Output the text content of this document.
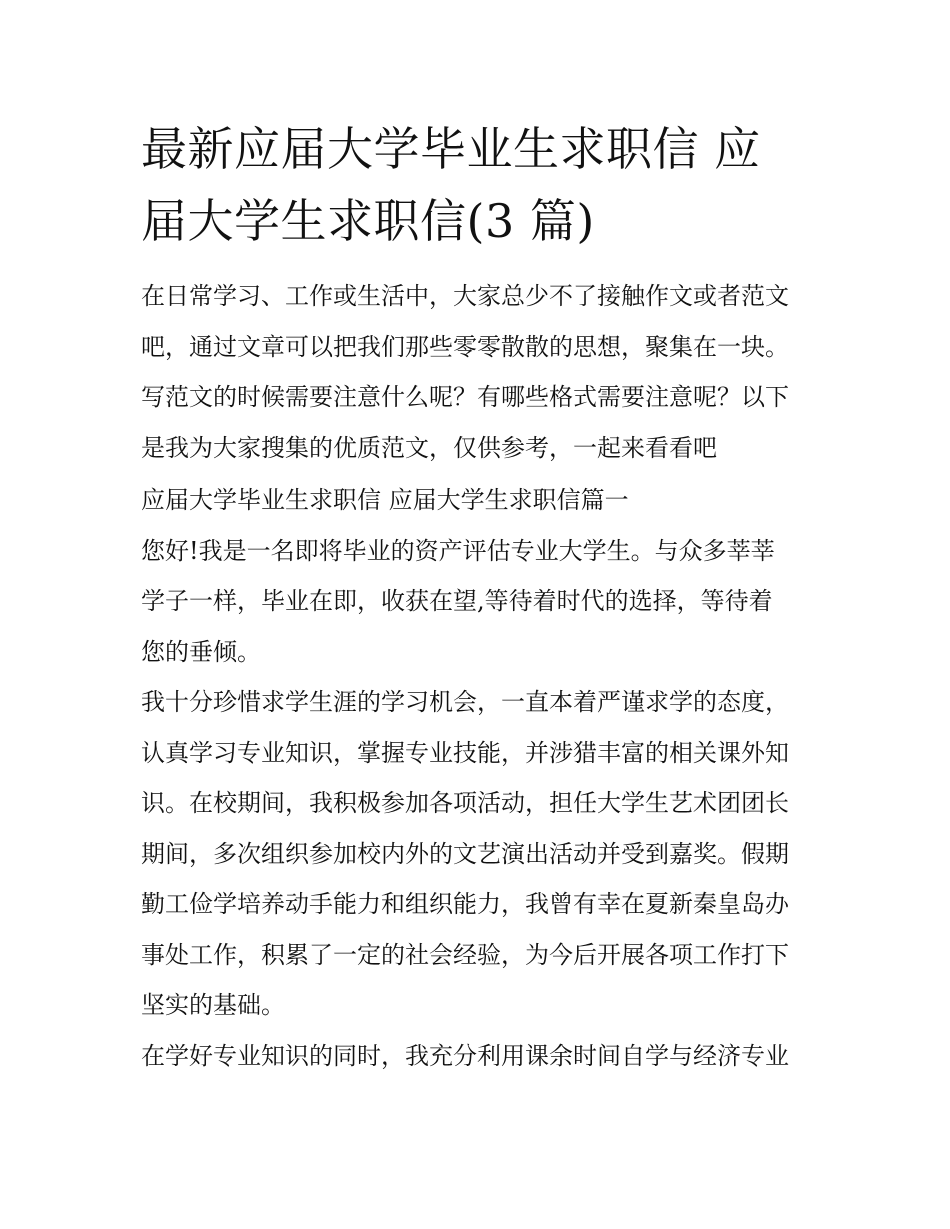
最新应届大学毕业生求职信 应
届大学生求职信(3 篇)

在日常学习、工作或生活中，大家总少不了接触作文或者范文
吧，通过文章可以把我们那些零零散散的思想，聚集在一块。
写范文的时候需要注意什么呢？有哪些格式需要注意呢？以下
是我为大家搜集的优质范文，仅供参考，一起来看看吧

应届大学毕业生求职信 应届大学生求职信篇一

您好!我是一名即将毕业的资产评估专业大学生。与众多莘莘
学子一样，毕业在即，收获在望,等待着时代的选择，等待着
您的垂倾。

我十分珍惜求学生涯的学习机会，一直本着严谨求学的态度，
认真学习专业知识，掌握专业技能，并涉猎丰富的相关课外知
识。在校期间，我积极参加各项活动，担任大学生艺术团团长
期间，多次组织参加校内外的文艺演出活动并受到嘉奖。假期
勤工俭学培养动手能力和组织能力，我曾有幸在夏新秦皇岛办
事处工作，积累了一定的社会经验，为今后开展各项工作打下
坚实的基础。

在学好专业知识的同时，我充分利用课余时间自学与经济专业
